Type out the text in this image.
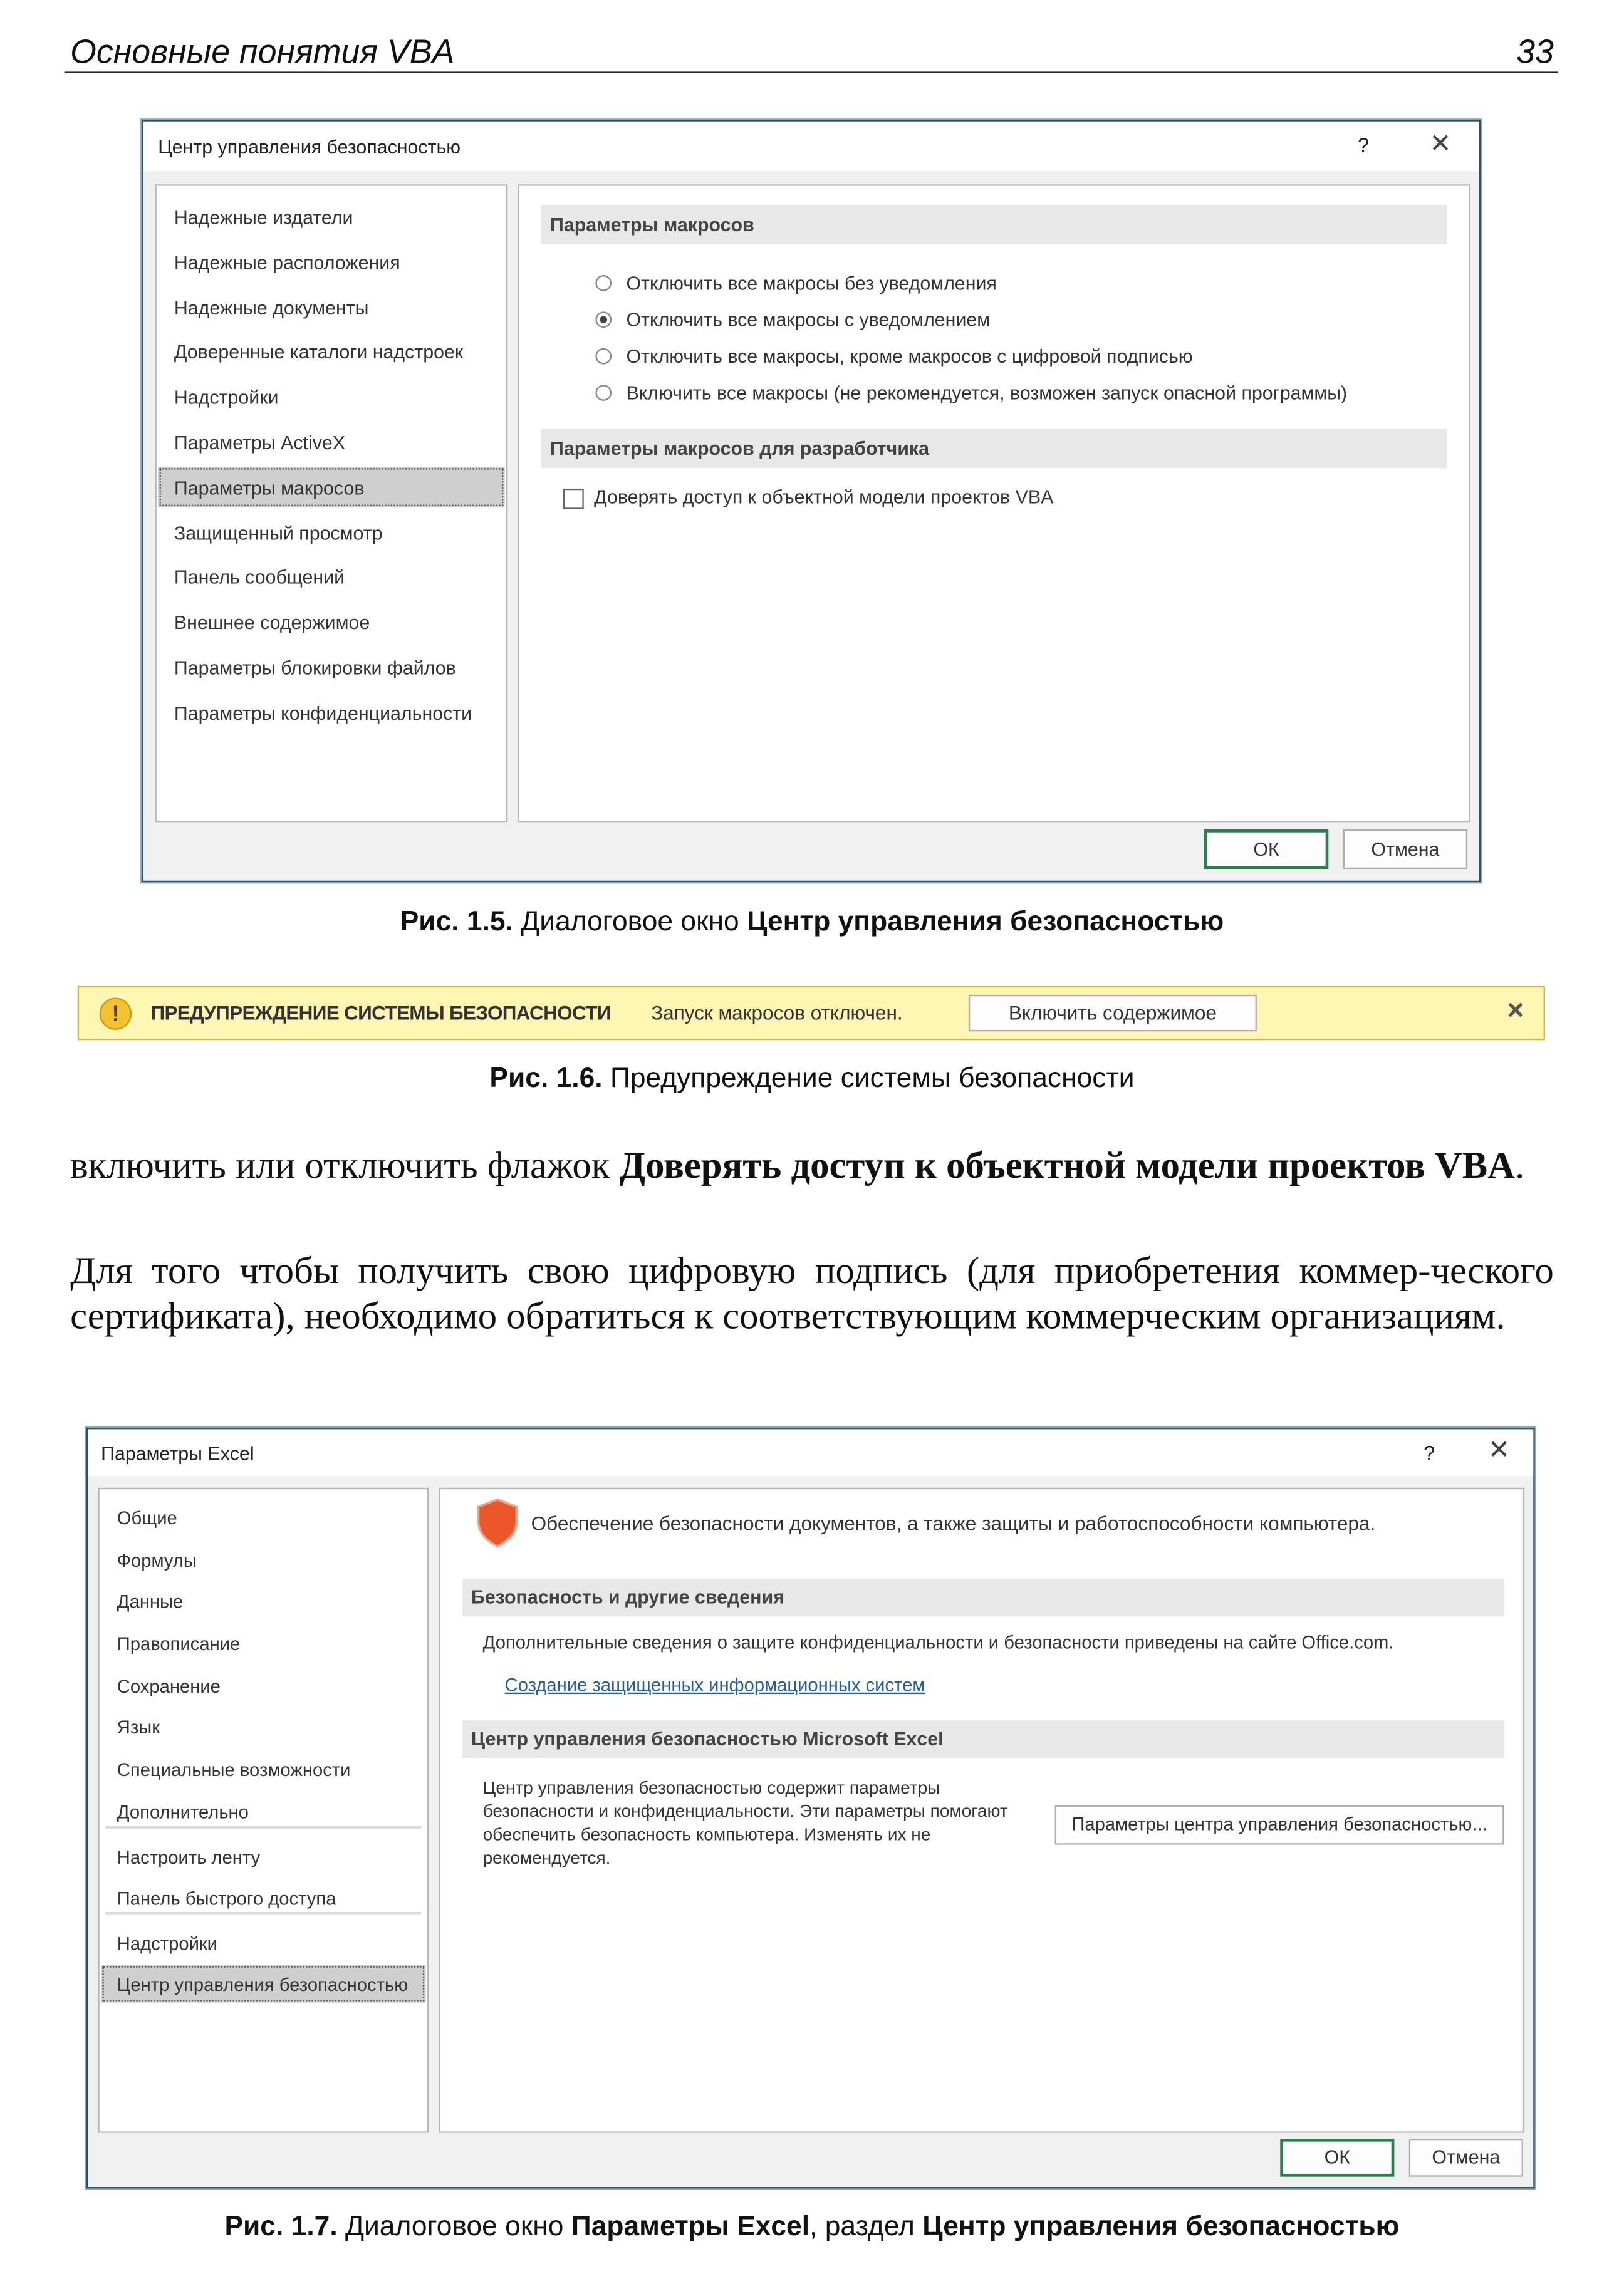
Основные понятия VBA	33
Центр управления безопасностью	?	✕
Надежные издатели
Надежные расположения
Надежные документы
Доверенные каталоги надстроек
Надстройки
Параметры ActiveX
Параметры макросов
Защищенный просмотр
Панель сообщений
Внешнее содержимое
Параметры блокировки файлов
Параметры конфиденциальности
Параметры макросов
Отключить все макросы без уведомления
Отключить все макросы с уведомлением
Отключить все макросы, кроме макросов с цифровой подписью
Включить все макросы (не рекомендуется, возможен запуск опасной программы)
Параметры макросов для разработчика
Доверять доступ к объектной модели проектов VBA
ОК	Отмена
Рис. 1.5. Диалоговое окно Центр управления безопасностью
!	ПРЕДУПРЕЖДЕНИЕ СИСТЕМЫ БЕЗОПАСНОСТИ	Запуск макросов отключен.	Включить содержимое	×
Рис. 1.6. Предупреждение системы безопасности
включить или отключить флажок Доверять доступ к объектной модели проектов VBA.
Для того чтобы получить свою цифровую подпись (для приобретения коммер-ческого сертификата), необходимо обратиться к соответствующим коммерческим организациям.
Параметры Excel	?	✕
Общие
Формулы
Данные
Правописание
Сохранение
Язык
Специальные возможности
Дополнительно
Настроить ленту
Панель быстрого доступа
Надстройки
Центр управления безопасностью
Обеспечение безопасности документов, а также защиты и работоспособности компьютера.
Безопасность и другие сведения
Дополнительные сведения о защите конфиденциальности и безопасности приведены на сайте Office.com.
Создание защищенных информационных систем
Центр управления безопасностью Microsoft Excel
Центр управления безопасностью содержит параметры
безопасности и конфиденциальности. Эти параметры помогают
обеспечить безопасность компьютера. Изменять их не
рекомендуется.
Параметры центра управления безопасностью...
ОК	Отмена
Рис. 1.7. Диалоговое окно Параметры Excel, раздел Центр управления безопасностью
